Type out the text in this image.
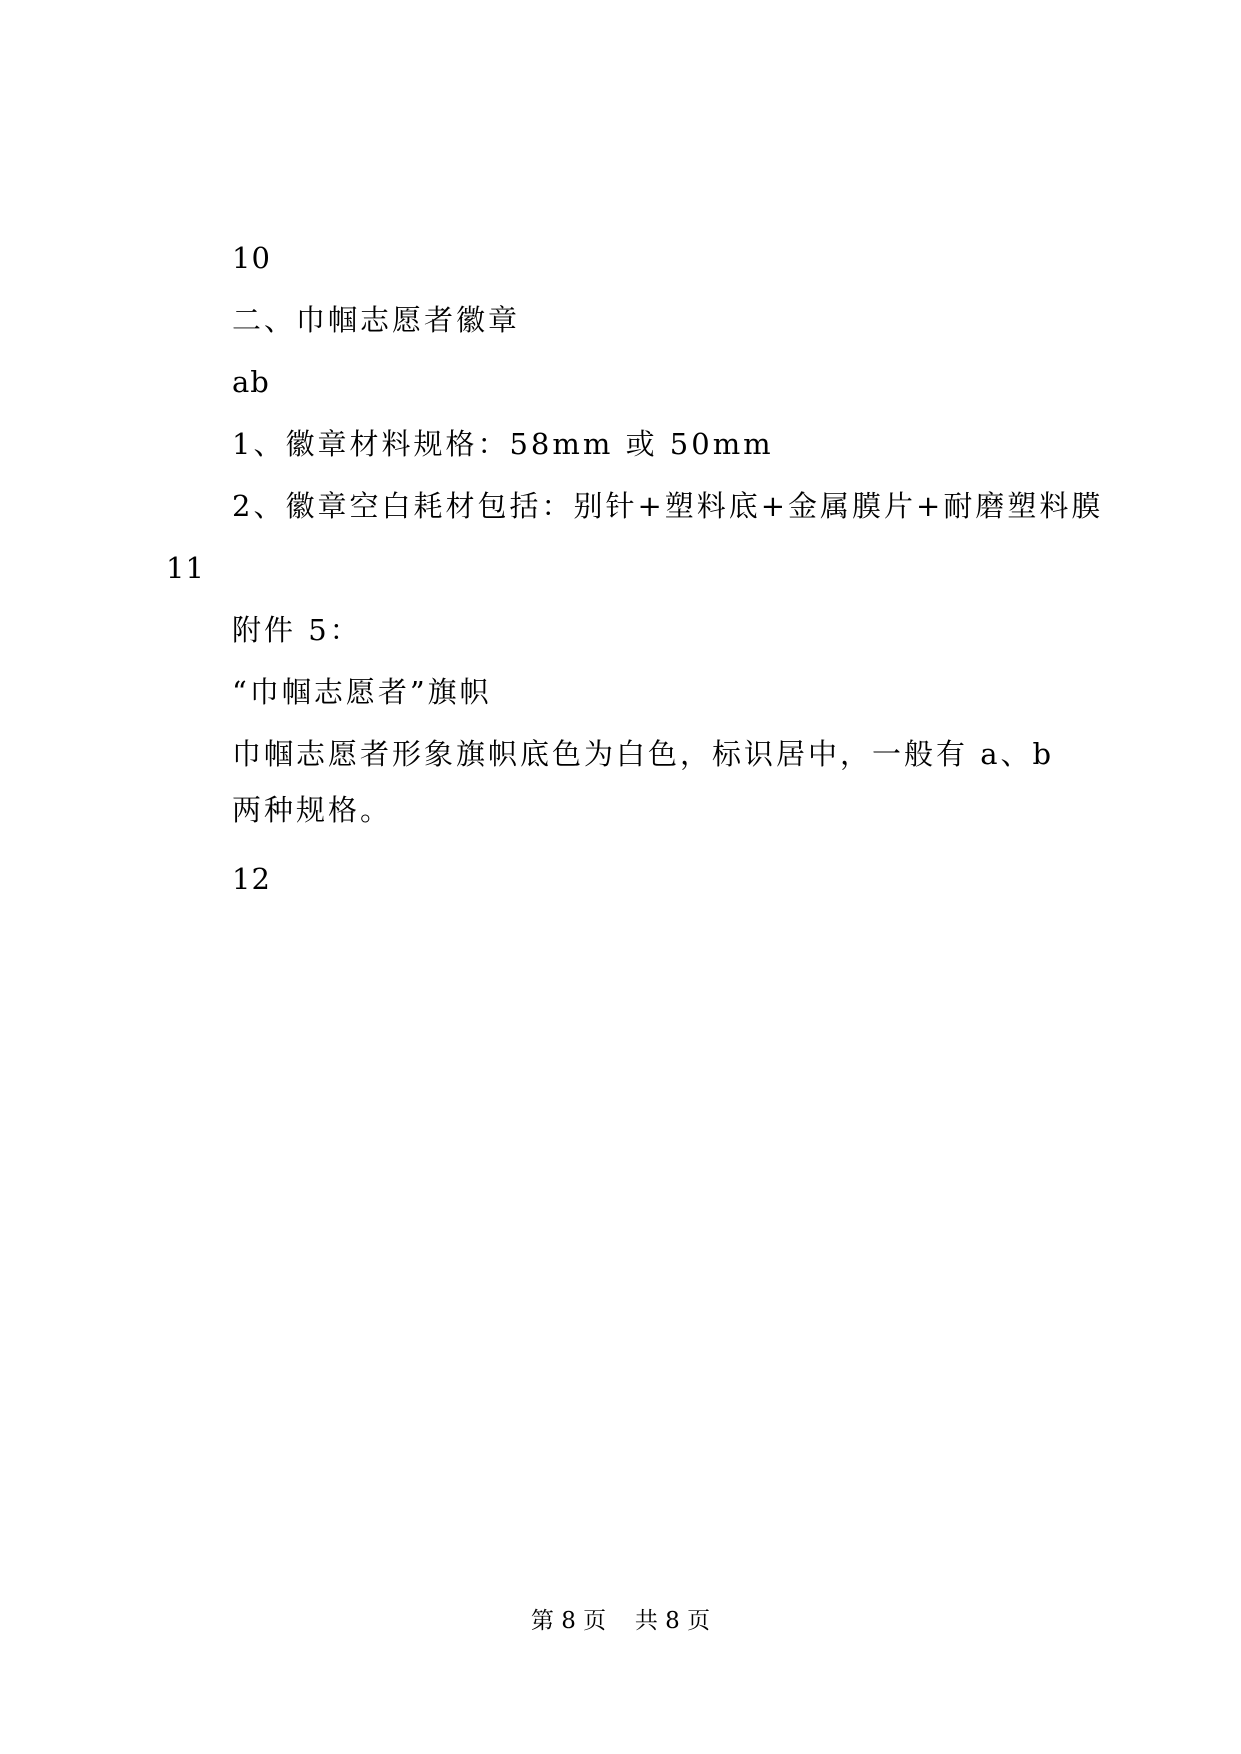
10
二、巾帼志愿者徽章
ab
1、徽章材料规格：58mm 或 50mm
2、徽章空白耗材包括：别针+塑料底+金属膜片+耐磨塑料膜
11
附件 5：
“巾帼志愿者”旗帜
巾帼志愿者形象旗帜底色为白色，标识居中，一般有 a、b
两种规格。
12
第 8 页 共 8 页
